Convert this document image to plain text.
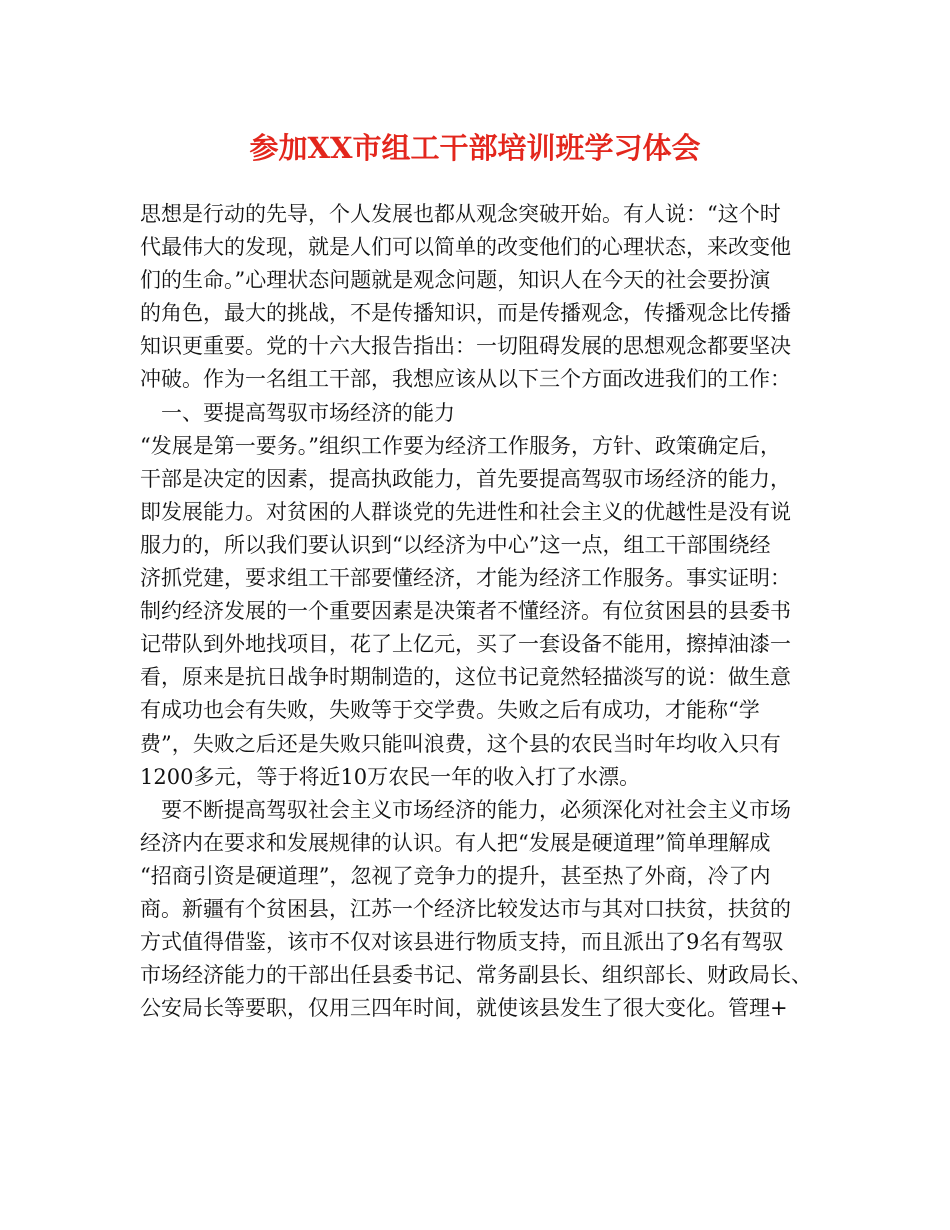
参加XX市组工干部培训班学习体会
思想是行动的先导，个人发展也都从观念突破开始。有人说：“这个时
代最伟大的发现，就是人们可以简单的改变他们的心理状态，来改变他
们的生命。”心理状态问题就是观念问题，知识人在今天的社会要扮演
的角色，最大的挑战，不是传播知识，而是传播观念，传播观念比传播
知识更重要。党的十六大报告指出：一切阻碍发展的思想观念都要坚决
冲破。作为一名组工干部，我想应该从以下三个方面改进我们的工作：
　一、要提高驾驭市场经济的能力
“发展是第一要务。”组织工作要为经济工作服务，方针、政策确定后，
干部是决定的因素，提高执政能力，首先要提高驾驭市场经济的能力，
即发展能力。对贫困的人群谈党的先进性和社会主义的优越性是没有说
服力的，所以我们要认识到“以经济为中心”这一点，组工干部围绕经
济抓党建，要求组工干部要懂经济，才能为经济工作服务。事实证明：
制约经济发展的一个重要因素是决策者不懂经济。有位贫困县的县委书
记带队到外地找项目，花了上亿元，买了一套设备不能用，擦掉油漆一
看，原来是抗日战争时期制造的，这位书记竟然轻描淡写的说：做生意
有成功也会有失败，失败等于交学费。失败之后有成功，才能称“学
费”，失败之后还是失败只能叫浪费，这个县的农民当时年均收入只有
1200多元，等于将近10万农民一年的收入打了水漂。
　要不断提高驾驭社会主义市场经济的能力，必须深化对社会主义市场
经济内在要求和发展规律的认识。有人把“发展是硬道理”简单理解成
“招商引资是硬道理”，忽视了竞争力的提升，甚至热了外商，冷了内
商。新疆有个贫困县，江苏一个经济比较发达市与其对口扶贫，扶贫的
方式值得借鉴，该市不仅对该县进行物质支持，而且派出了9名有驾驭
市场经济能力的干部出任县委书记、常务副县长、组织部长、财政局长、
公安局长等要职，仅用三四年时间，就使该县发生了很大变化。管理+
